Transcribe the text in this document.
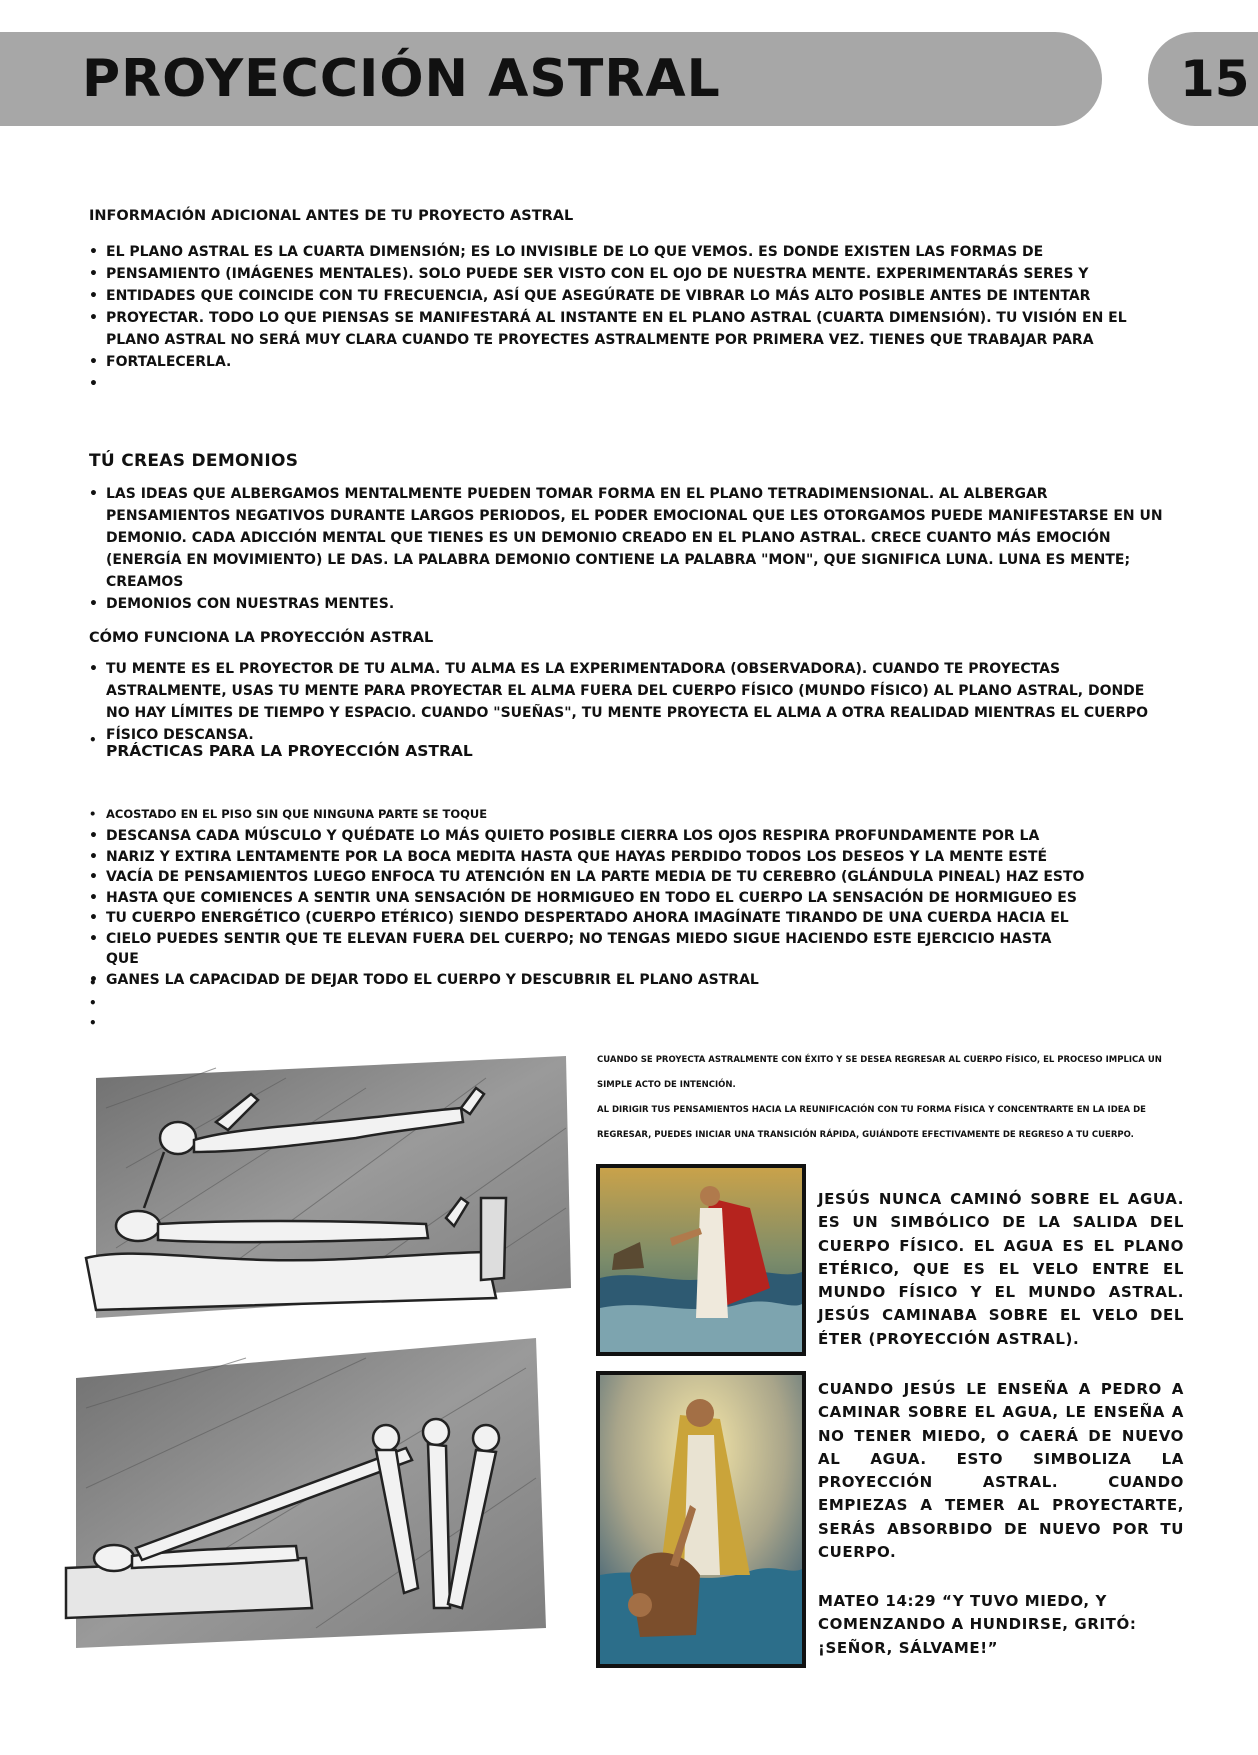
PROYECCIÓN ASTRAL	15
INFORMACIÓN ADICIONAL ANTES DE TU PROYECTO ASTRAL
• EL PLANO ASTRAL ES LA CUARTA DIMENSIÓN; ES LO INVISIBLE DE LO QUE VEMOS. ES DONDE EXISTEN LAS FORMAS DE
• PENSAMIENTO (IMÁGENES MENTALES). SOLO PUEDE SER VISTO CON EL OJO DE NUESTRA MENTE. EXPERIMENTARÁS SERES Y
• ENTIDADES QUE COINCIDE CON TU FRECUENCIA, ASÍ QUE ASEGÚRATE DE VIBRAR LO MÁS ALTO POSIBLE ANTES DE INTENTAR
• PROYECTAR. TODO LO QUE PIENSAS SE MANIFESTARÁ AL INSTANTE EN EL PLANO ASTRAL (CUARTA DIMENSIÓN). TU VISIÓN EN EL PLANO ASTRAL NO SERÁ MUY CLARA CUANDO TE PROYECTES ASTRALMENTE POR PRIMERA VEZ. TIENES QUE TRABAJAR PARA
• FORTALECERLA.
•
TÚ CREAS DEMONIOS
• LAS IDEAS QUE ALBERGAMOS MENTALMENTE PUEDEN TOMAR FORMA EN EL PLANO TETRADIMENSIONAL. AL ALBERGAR PENSAMIENTOS NEGATIVOS DURANTE LARGOS PERIODOS, EL PODER EMOCIONAL QUE LES OTORGAMOS PUEDE MANIFESTARSE EN UN DEMONIO. CADA ADICCIÓN MENTAL QUE TIENES ES UN DEMONIO CREADO EN EL PLANO ASTRAL. CRECE CUANTO MÁS EMOCIÓN (ENERGÍA EN MOVIMIENTO) LE DAS. LA PALABRA DEMONIO CONTIENE LA PALABRA "MON", QUE SIGNIFICA LUNA. LUNA ES MENTE; CREAMOS
• DEMONIOS CON NUESTRAS MENTES.
CÓMO FUNCIONA LA PROYECCIÓN ASTRAL
• TU MENTE ES EL PROYECTOR DE TU ALMA. TU ALMA ES LA EXPERIMENTADORA (OBSERVADORA). CUANDO TE PROYECTAS ASTRALMENTE, USAS TU MENTE PARA PROYECTAR EL ALMA FUERA DEL CUERPO FÍSICO (MUNDO FÍSICO) AL PLANO ASTRAL, DONDE NO HAY LÍMITES DE TIEMPO Y ESPACIO. CUANDO "SUEÑAS", TU MENTE PROYECTA EL ALMA A OTRA REALIDAD MIENTRAS EL CUERPO FÍSICO DESCANSA.
•
PRÁCTICAS PARA LA PROYECCIÓN ASTRAL
• ACOSTADO EN EL PISO SIN QUE NINGUNA PARTE SE TOQUE
• DESCANSA CADA MÚSCULO Y QUÉDATE LO MÁS QUIETO POSIBLE CIERRA LOS OJOS RESPIRA PROFUNDAMENTE POR LA
• NARIZ Y EXTIRA LENTAMENTE POR LA BOCA MEDITA HASTA QUE HAYAS PERDIDO TODOS LOS DESEOS Y LA MENTE ESTÉ
• VACÍA DE PENSAMIENTOS LUEGO ENFOCA TU ATENCIÓN EN LA PARTE MEDIA DE TU CEREBRO (GLÁNDULA PINEAL) HAZ ESTO
• HASTA QUE COMIENCES A SENTIR UNA SENSACIÓN DE HORMIGUEO EN TODO EL CUERPO LA SENSACIÓN DE HORMIGUEO ES
• TU CUERPO ENERGÉTICO (CUERPO ETÉRICO) SIENDO DESPERTADO AHORA IMAGÍNATE TIRANDO DE UNA CUERDA HACIA EL
• CIELO PUEDES SENTIR QUE TE ELEVAN FUERA DEL CUERPO; NO TENGAS MIEDO SIGUE HACIENDO ESTE EJERCICIO HASTA QUE
• GANES LA CAPACIDAD DE DEJAR TODO EL CUERPO Y DESCUBRIR EL PLANO ASTRAL
•
•
•

CUANDO SE PROYECTA ASTRALMENTE CON ÉXITO Y SE DESEA REGRESAR AL CUERPO FÍSICO, EL PROCESO IMPLICA UN SIMPLE ACTO DE INTENCIÓN.

AL DIRIGIR TUS PENSAMIENTOS HACIA LA REUNIFICACIÓN CON TU FORMA FÍSICA Y CONCENTRARTE EN LA IDEA DE REGRESAR, PUEDES INICIAR UNA TRANSICIÓN RÁPIDA, GUIÁNDOTE EFECTIVAMENTE DE REGRESO A TU CUERPO.

JESÚS NUNCA CAMINÓ SOBRE EL AGUA. ES UN SIMBÓLICO DE LA SALIDA DEL CUERPO FÍSICO. EL AGUA ES EL PLANO ETÉRICO, QUE ES EL VELO ENTRE EL MUNDO FÍSICO Y EL MUNDO ASTRAL. JESÚS CAMINABA SOBRE EL VELO DEL ÉTER (PROYECCIÓN ASTRAL).

CUANDO JESÚS LE ENSEÑA A PEDRO A CAMINAR SOBRE EL AGUA, LE ENSEÑA A NO TENER MIEDO, O CAERÁ DE NUEVO AL AGUA. ESTO SIMBOLIZA LA PROYECCIÓN ASTRAL. CUANDO EMPIEZAS A TEMER AL PROYECTARTE, SERÁS ABSORBIDO DE NUEVO POR TU CUERPO.

MATEO 14:29 “Y TUVO MIEDO, Y COMENZANDO A HUNDIRSE, GRITÓ: ¡SEÑOR, SÁLVAME!”
